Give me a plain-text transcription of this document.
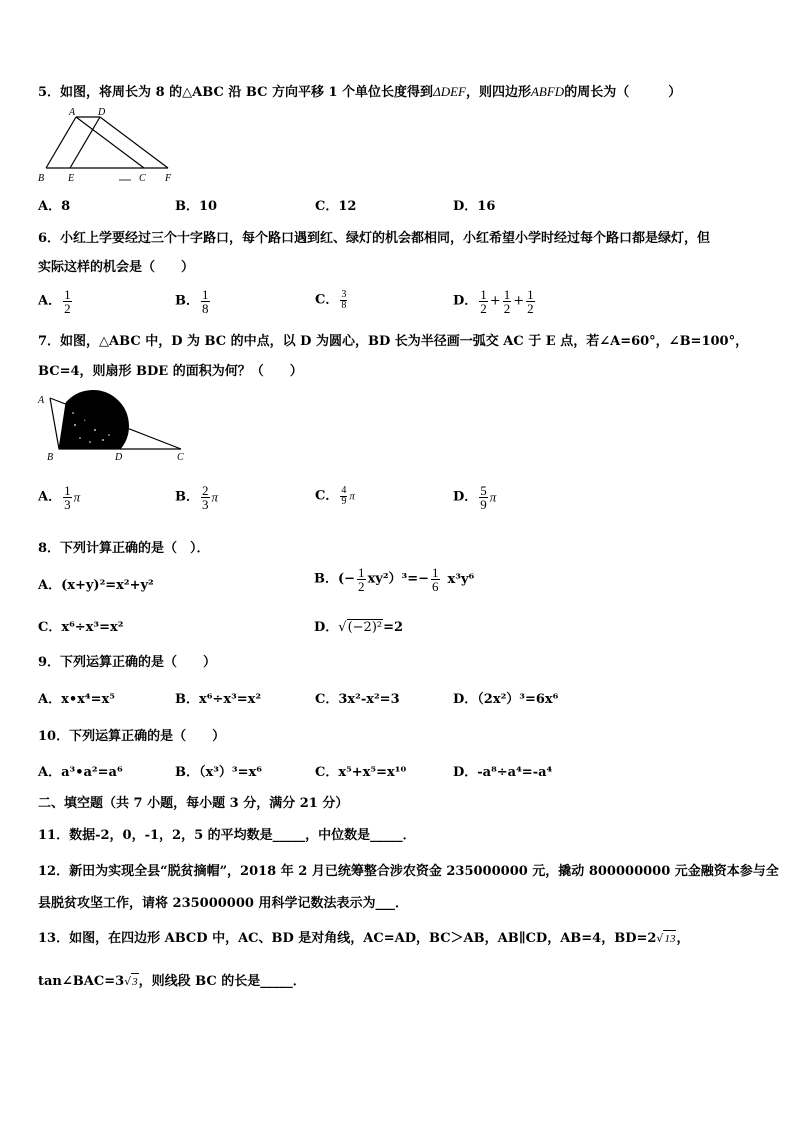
5．如图，将周长为 8 的△ABC 沿 BC 方向平移 1 个单位长度得到ΔDEF，则四边形ABFD的周长为（　　　）
A D
B E	C F
A．8	B．10	C．12	D．16
6．小红上学要经过三个十字路口，每个路口遇到红、绿灯的机会都相同，小红希望小学时经过每个路口都是绿灯，但
实际这样的机会是（　　）
A． $\frac{1}{2}$	B． $\frac{1}{8}$	C． $\frac{3}{8}$	D． $\frac{1}{2} + \frac{1}{2} + \frac{1}{2}$
7．如图，△ABC 中，D 为 BC 的中点，以 D 为圆心，BD 长为半径画一弧交 AC 于 E 点，若∠A=60°，∠B=100°，
BC=4，则扇形 BDE 的面积为何？（　　）
A	E
B	D	C
A． $\frac{1}{3}$ π	B． $\frac{2}{3}$ π	C． $\frac{4}{9}$ π	D． $\frac{5}{9}$ π
8．下列计算正确的是（　）．
A．(x+y)²=x²+y²	B．(− $\frac{1}{2} xy^2)^3=- \frac{1}{6} x^3y^6$
C．x⁶÷x³=x²	D．√(−2)²=2
9．下列运算正确的是（　　）
A．x•x⁴=x⁵	B．x⁶÷x³=x²	C．3x²-x²=3	D．（2x²）³=6x⁶
10．下列运算正确的是（　　）
A．a³•a²=a⁶	B．（x³）³=x⁶	C．x⁵+x⁵=x¹⁰	D．-a⁸÷a⁴=-a⁴
二、填空题（共 7 小题，每小题 3 分，满分 21 分）
11．数据-2，0，-1，2，5 的平均数是_____，中位数是_____．
12．新田为实现全县“脱贫摘帽”，2018 年 2 月已统筹整合涉农资金 235000000 元，撬动 800000000 元金融资本参与全
县脱贫攻坚工作，请将 235000000 用科学记数法表示为___．
13．如图，在四边形 ABCD 中，AC、BD 是对角线，AC=AD，BC＞AB，AB∥CD，AB=4，BD=2√13，
tan∠BAC=3√3，则线段 BC 的长是_____．
